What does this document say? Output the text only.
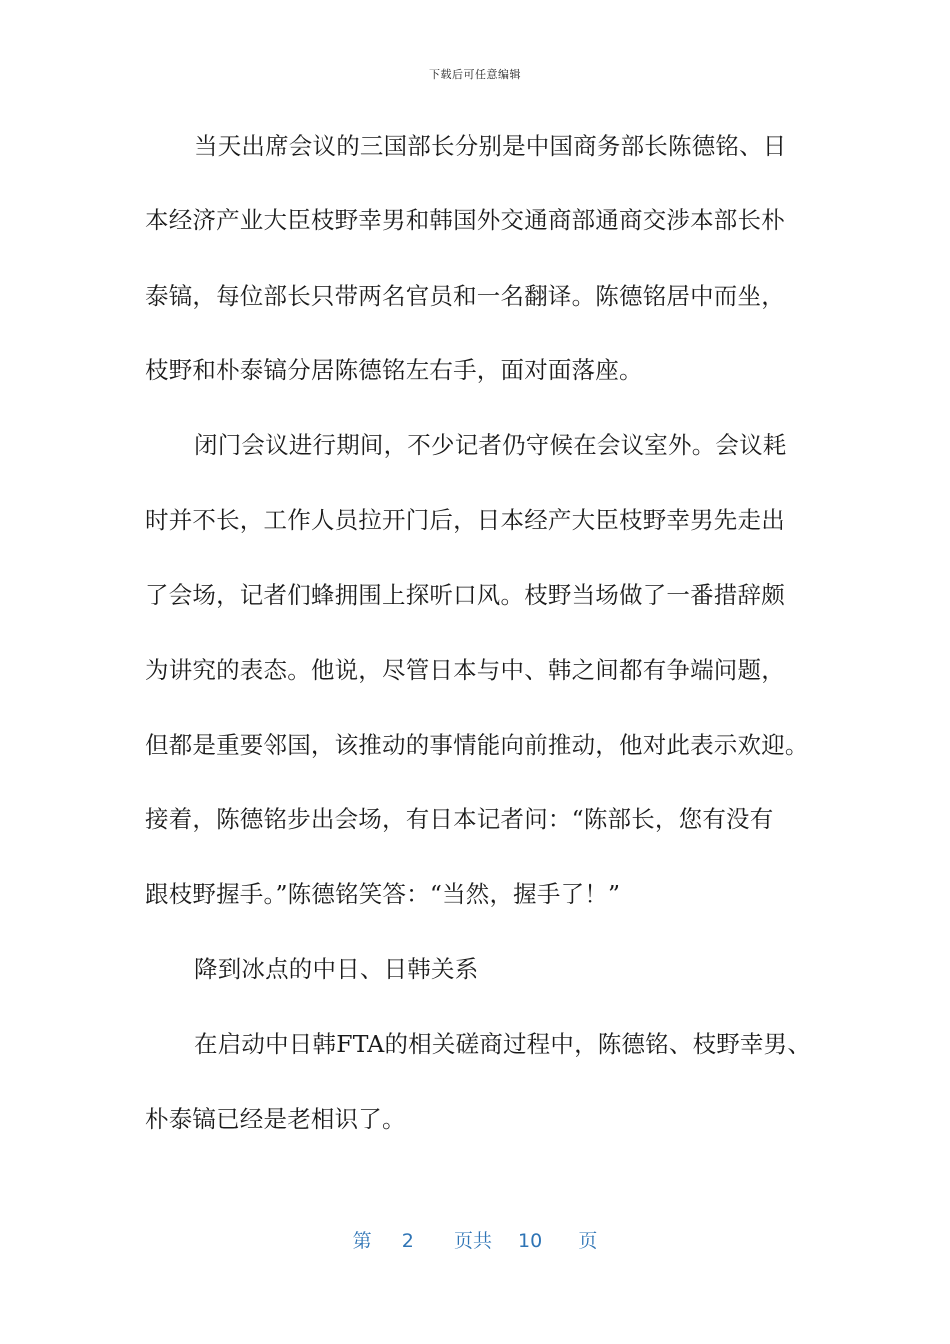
下载后可任意编辑
当天出席会议的三国部长分别是中国商务部长陈德铭、日
本经济产业大臣枝野幸男和韩国外交通商部通商交涉本部长朴
泰镐，每位部长只带两名官员和一名翻译。陈德铭居中而坐，
枝野和朴泰镐分居陈德铭左右手，面对面落座。
闭门会议进行期间，不少记者仍守候在会议室外。会议耗
时并不长，工作人员拉开门后，日本经产大臣枝野幸男先走出
了会场，记者们蜂拥围上探听口风。枝野当场做了一番措辞颇
为讲究的表态。他说，尽管日本与中、韩之间都有争端问题，
但都是重要邻国，该推动的事情能向前推动，他对此表示欢迎。
接着，陈德铭步出会场，有日本记者问：“陈部长，您有没有
跟枝野握手。”陈德铭笑答：“当然，握手了！”
降到冰点的中日、日韩关系
在启动中日韩FTA的相关磋商过程中，陈德铭、枝野幸男、
朴泰镐已经是老相识了。
第 2 页共 10 页
